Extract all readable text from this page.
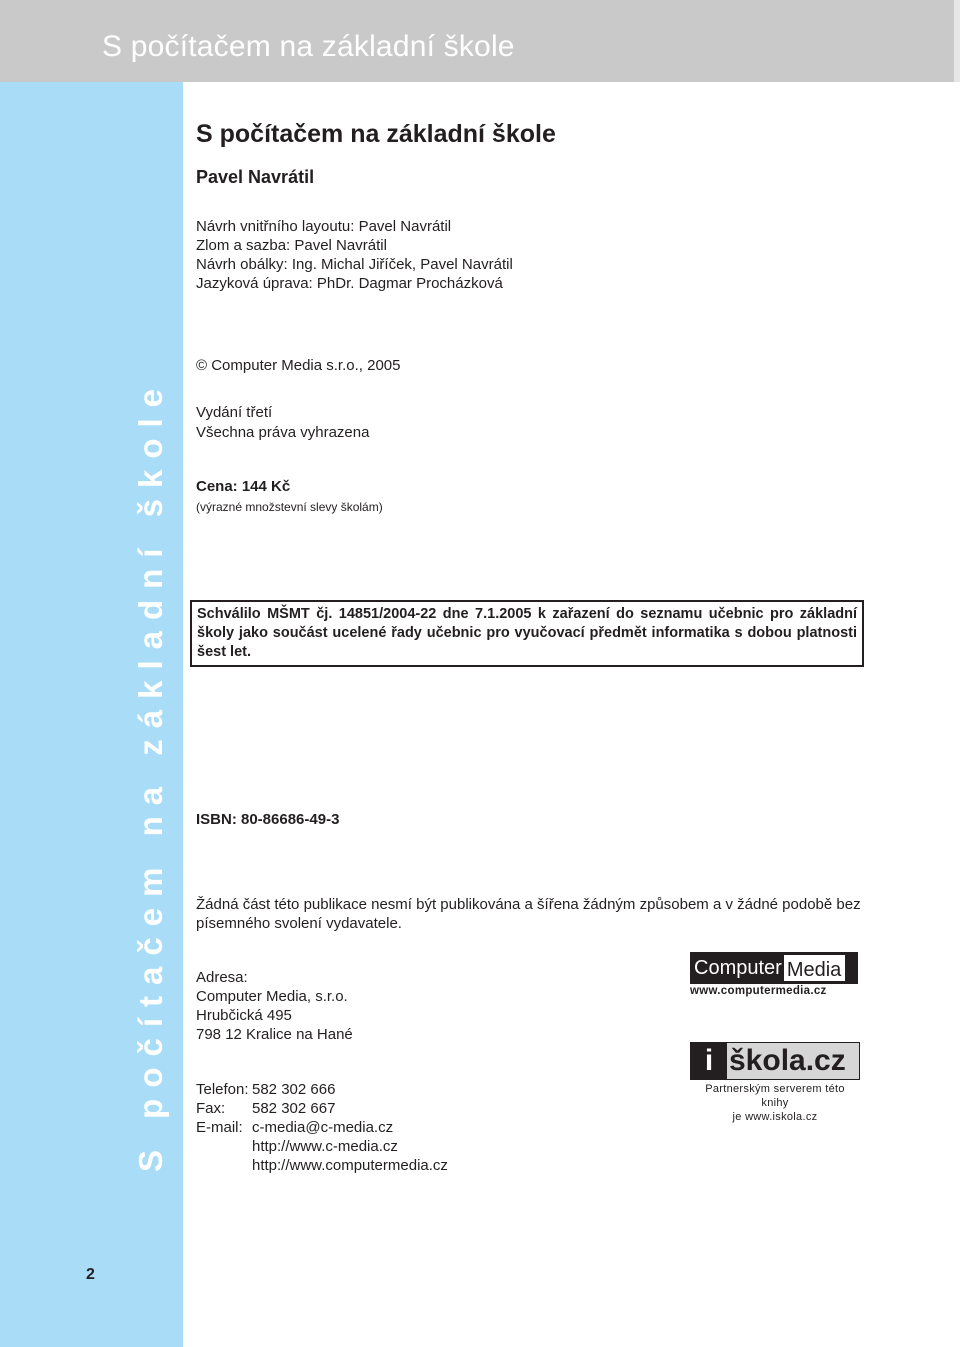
S počítačem na základní škole
S počítačem na základní škole
2
S počítačem na základní škole
Pavel Navrátil
Návrh vnitřního layoutu: Pavel Navrátil
Zlom a sazba: Pavel Navrátil
Návrh obálky: Ing. Michal Jiříček, Pavel Navrátil
Jazyková úprava: PhDr. Dagmar Procházková
© Computer Media s.r.o., 2005
Vydání třetí
Všechna práva vyhrazena
Cena: 144 Kč
(výrazné množstevní slevy školám)
Schválilo MŠMT čj. 14851/2004-22 dne 7.1.2005 k zařazení do seznamu učebnic pro základní školy jako součást ucelené řady učebnic pro vyučovací předmět informatika s dobou platnosti šest let.
ISBN: 80-86686-49-3
Žádná část této publikace nesmí být publikována a šířena žádným způsobem a v žádné podobě bez písemného svolení vydavatele.
Adresa:
Computer Media, s.r.o.
Hrubčická 495
798 12 Kralice na Hané
Telefon: 582 302 666
Fax:	582 302 667
E-mail: c-media@c-media.cz
http://www.c-media.cz
http://www.computermedia.cz
Computer Media
www.computermedia.cz
i škola.cz
Partnerským serverem této knihy
je www.iskola.cz
